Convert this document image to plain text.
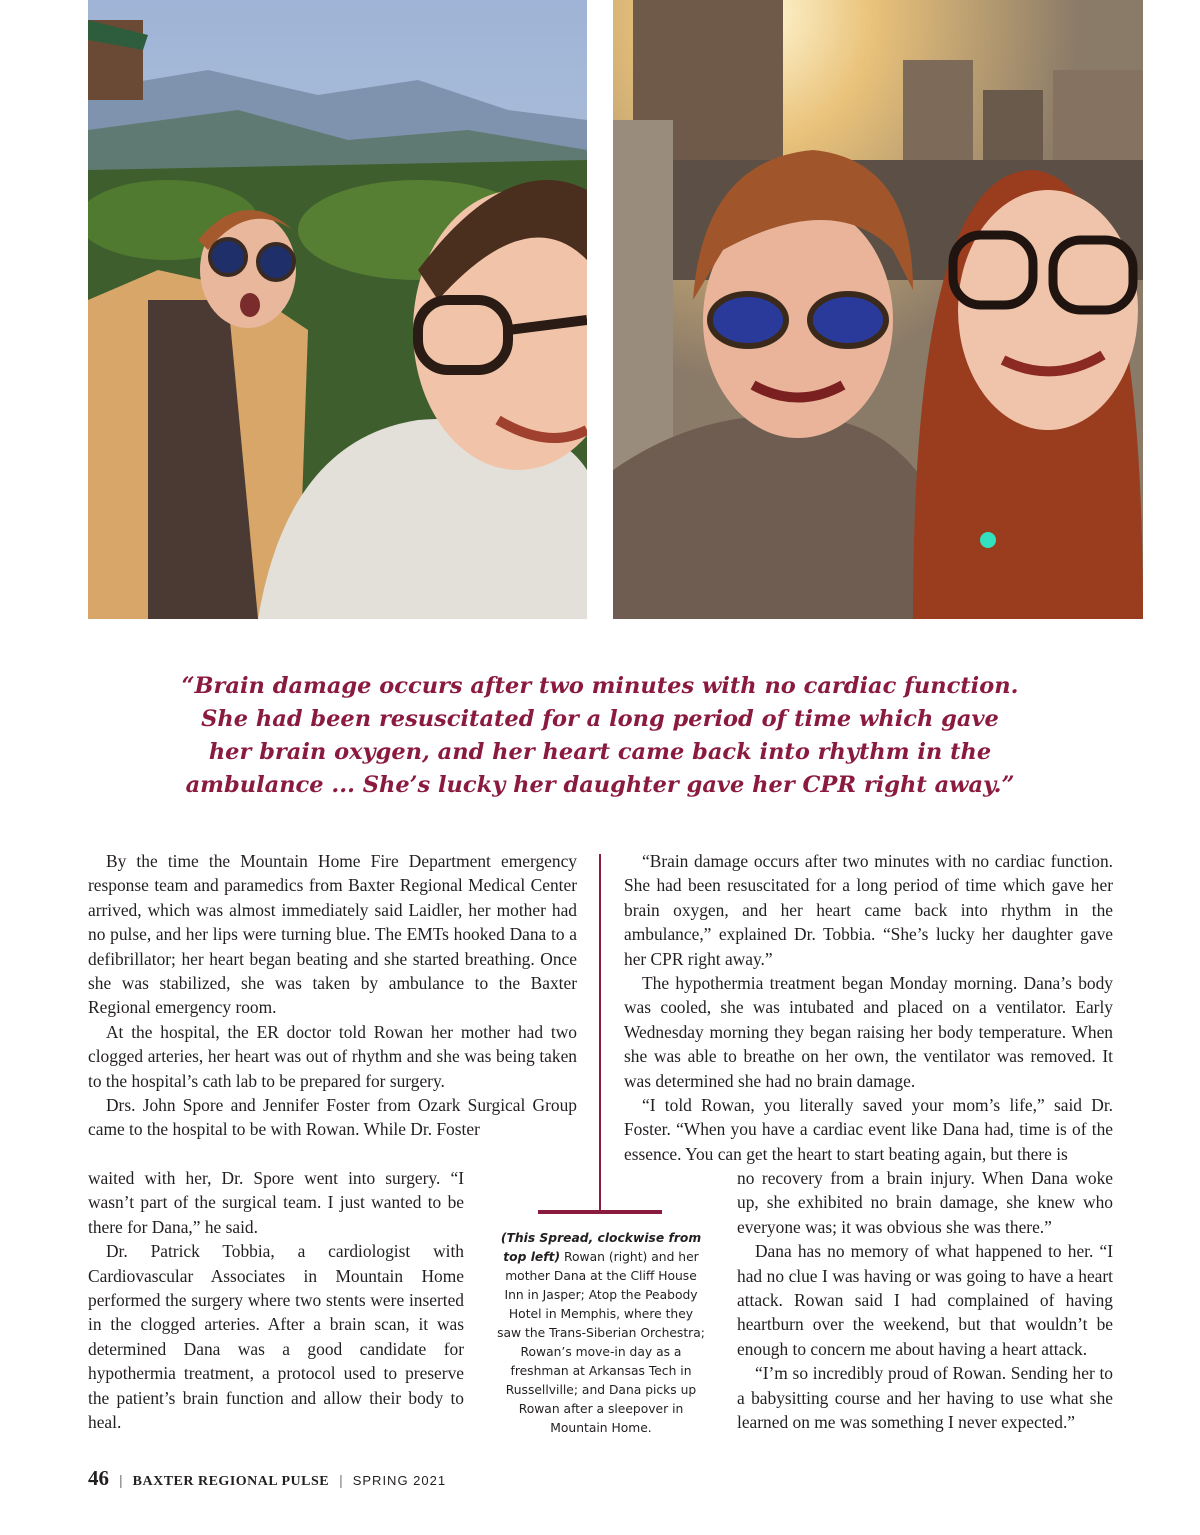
“Brain damage occurs after two minutes with no cardiac function.
She had been resuscitated for a long period of time which gave
her brain oxygen, and her heart came back into rhythm in the
ambulance ... She’s lucky her daughter gave her CPR right away.”

By the time the Mountain Home Fire Department emergency response team and paramedics from Baxter Regional Medical Center arrived, which was almost immediately said Laidler, her mother had no pulse, and her lips were turning blue. The EMTs hooked Dana to a defibrillator; her heart began beating and she started breathing. Once she was stabilized, she was taken by ambulance to the Baxter Regional emergency room.

At the hospital, the ER doctor told Rowan her mother had two clogged arteries, her heart was out of rhythm and she was being taken to the hospital’s cath lab to be prepared for surgery.

Drs. John Spore and Jennifer Foster from Ozark Surgical Group came to the hospital to be with Rowan. While Dr. Foster

waited with her, Dr. Spore went into surgery. “I wasn’t part of the surgical team. I just wanted to be there for Dana,” he said.

Dr. Patrick Tobbia, a cardiologist with Cardiovascular Associates in Mountain Home performed the surgery where two stents were inserted in the clogged arteries. After a brain scan, it was determined Dana was a good candidate for hypothermia treatment, a protocol used to preserve the patient’s brain function and allow their body to heal.

“Brain damage occurs after two minutes with no cardiac function. She had been resuscitated for a long period of time which gave her brain oxygen, and her heart came back into rhythm in the ambulance,” explained Dr. Tobbia. “She’s lucky her daughter gave her CPR right away.”

The hypothermia treatment began Monday morning. Dana’s body was cooled, she was intubated and placed on a ventilator. Early Wednesday morning they began raising her body temperature. When she was able to breathe on her own, the ventilator was removed. It was determined she had no brain damage.

“I told Rowan, you literally saved your mom’s life,” said Dr. Foster. “When you have a cardiac event like Dana had, time is of the essence. You can get the heart to start beating again, but there is

no recovery from a brain injury. When Dana woke up, she exhibited no brain damage, she knew who everyone was; it was obvious she was there.”

Dana has no memory of what happened to her. “I had no clue I was having or was going to have a heart attack. Rowan said I had complained of having heartburn over the weekend, but that wouldn’t be enough to concern me about having a heart attack.

“I’m so incredibly proud of Rowan. Sending her to a babysitting course and her having to use what she learned on me was something I never expected.”

(This Spread, clockwise from top left) Rowan (right) and her mother Dana at the Cliff House Inn in Jasper; Atop the Peabody Hotel in Memphis, where they saw the Trans-Siberian Orchestra; Rowan’s move-in day as a freshman at Arkansas Tech in Russellville; and Dana picks up Rowan after a sleepover in Mountain Home.
46 | BAXTER REGIONAL PULSE | SPRING 2021
